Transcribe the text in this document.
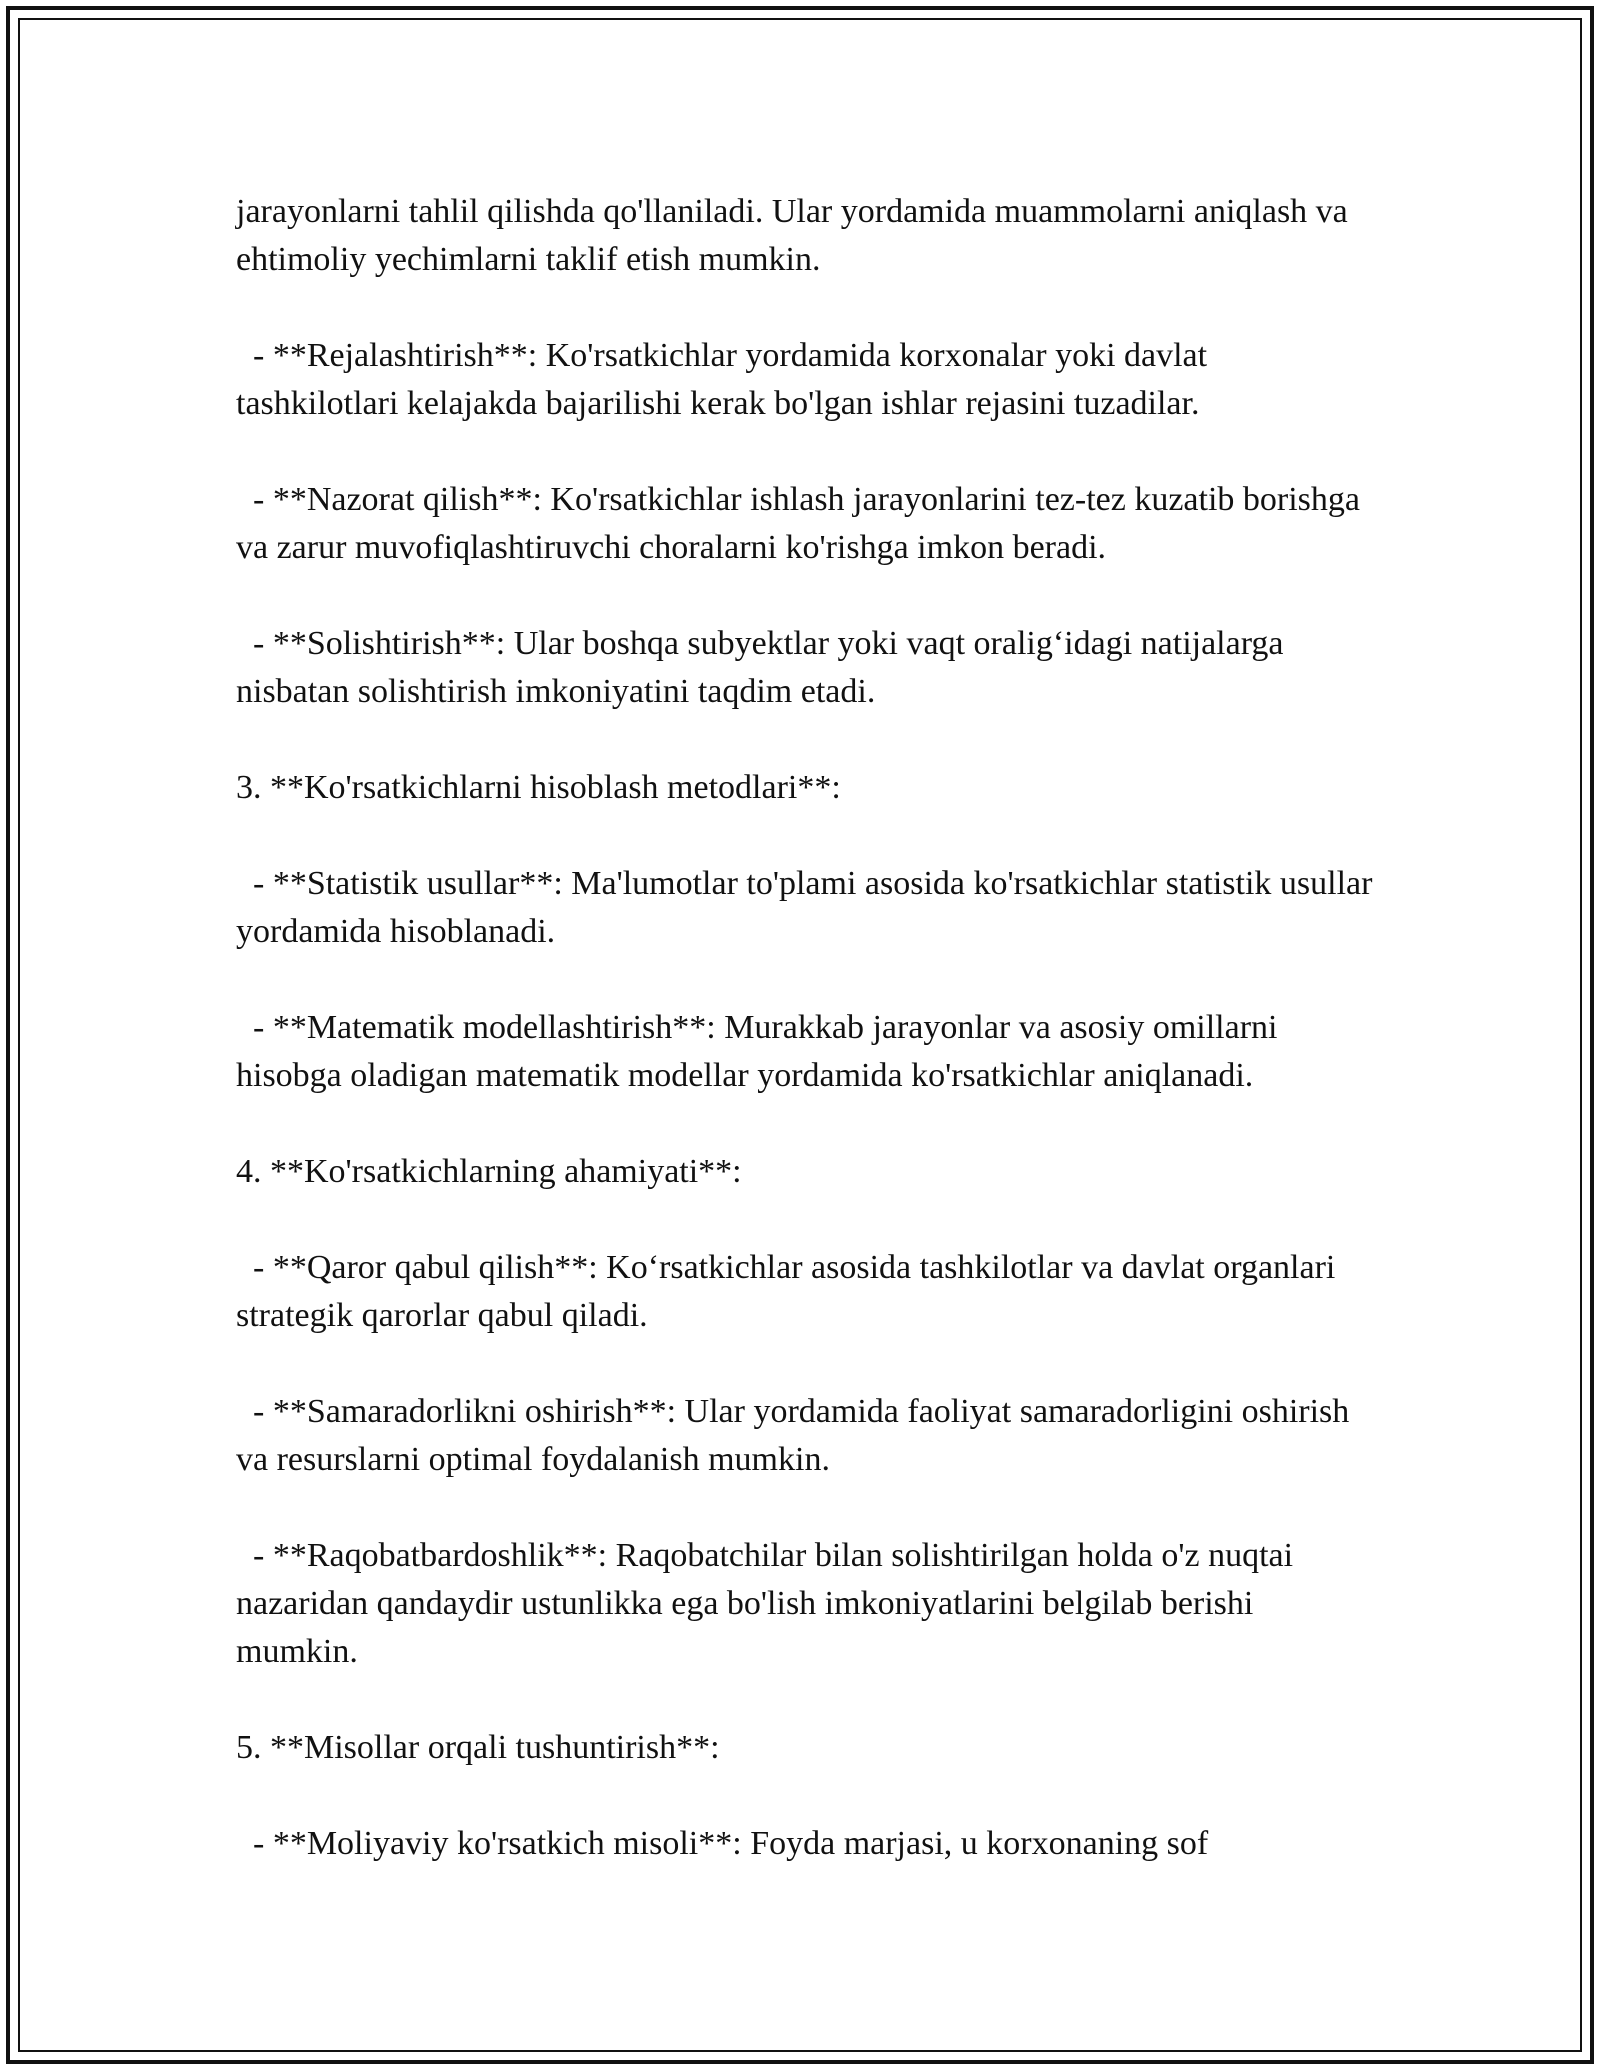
jarayonlarni tahlil qilishda qo'llaniladi. Ular yordamida muammolarni aniqlash va ehtimoliy yechimlarni taklif etish mumkin.

- **Rejalashtirish**: Ko'rsatkichlar yordamida korxonalar yoki davlat tashkilotlari kelajakda bajarilishi kerak bo'lgan ishlar rejasini tuzadilar.

- **Nazorat qilish**: Ko'rsatkichlar ishlash jarayonlarini tez-tez kuzatib borishga va zarur muvofiqlashtiruvchi choralarni ko'rishga imkon beradi.

- **Solishtirish**: Ular boshqa subyektlar yoki vaqt oralig‘idagi natijalarga nisbatan solishtirish imkoniyatini taqdim etadi.

3. **Ko'rsatkichlarni hisoblash metodlari**:

- **Statistik usullar**: Ma'lumotlar to'plami asosida ko'rsatkichlar statistik usullar yordamida hisoblanadi.

- **Matematik modellashtirish**: Murakkab jarayonlar va asosiy omillarni hisobga oladigan matematik modellar yordamida ko'rsatkichlar aniqlanadi.

4. **Ko'rsatkichlarning ahamiyati**:

- **Qaror qabul qilish**: Ko‘rsatkichlar asosida tashkilotlar va davlat organlari strategik qarorlar qabul qiladi.

- **Samaradorlikni oshirish**: Ular yordamida faoliyat samaradorligini oshirish va resurslarni optimal foydalanish mumkin.

- **Raqobatbardoshlik**: Raqobatchilar bilan solishtirilgan holda o'z nuqtai nazaridan qandaydir ustunlikka ega bo'lish imkoniyatlarini belgilab berishi mumkin.

5. **Misollar orqali tushuntirish**:

- **Moliyaviy ko'rsatkich misoli**: Foyda marjasi, u korxonaning sof
